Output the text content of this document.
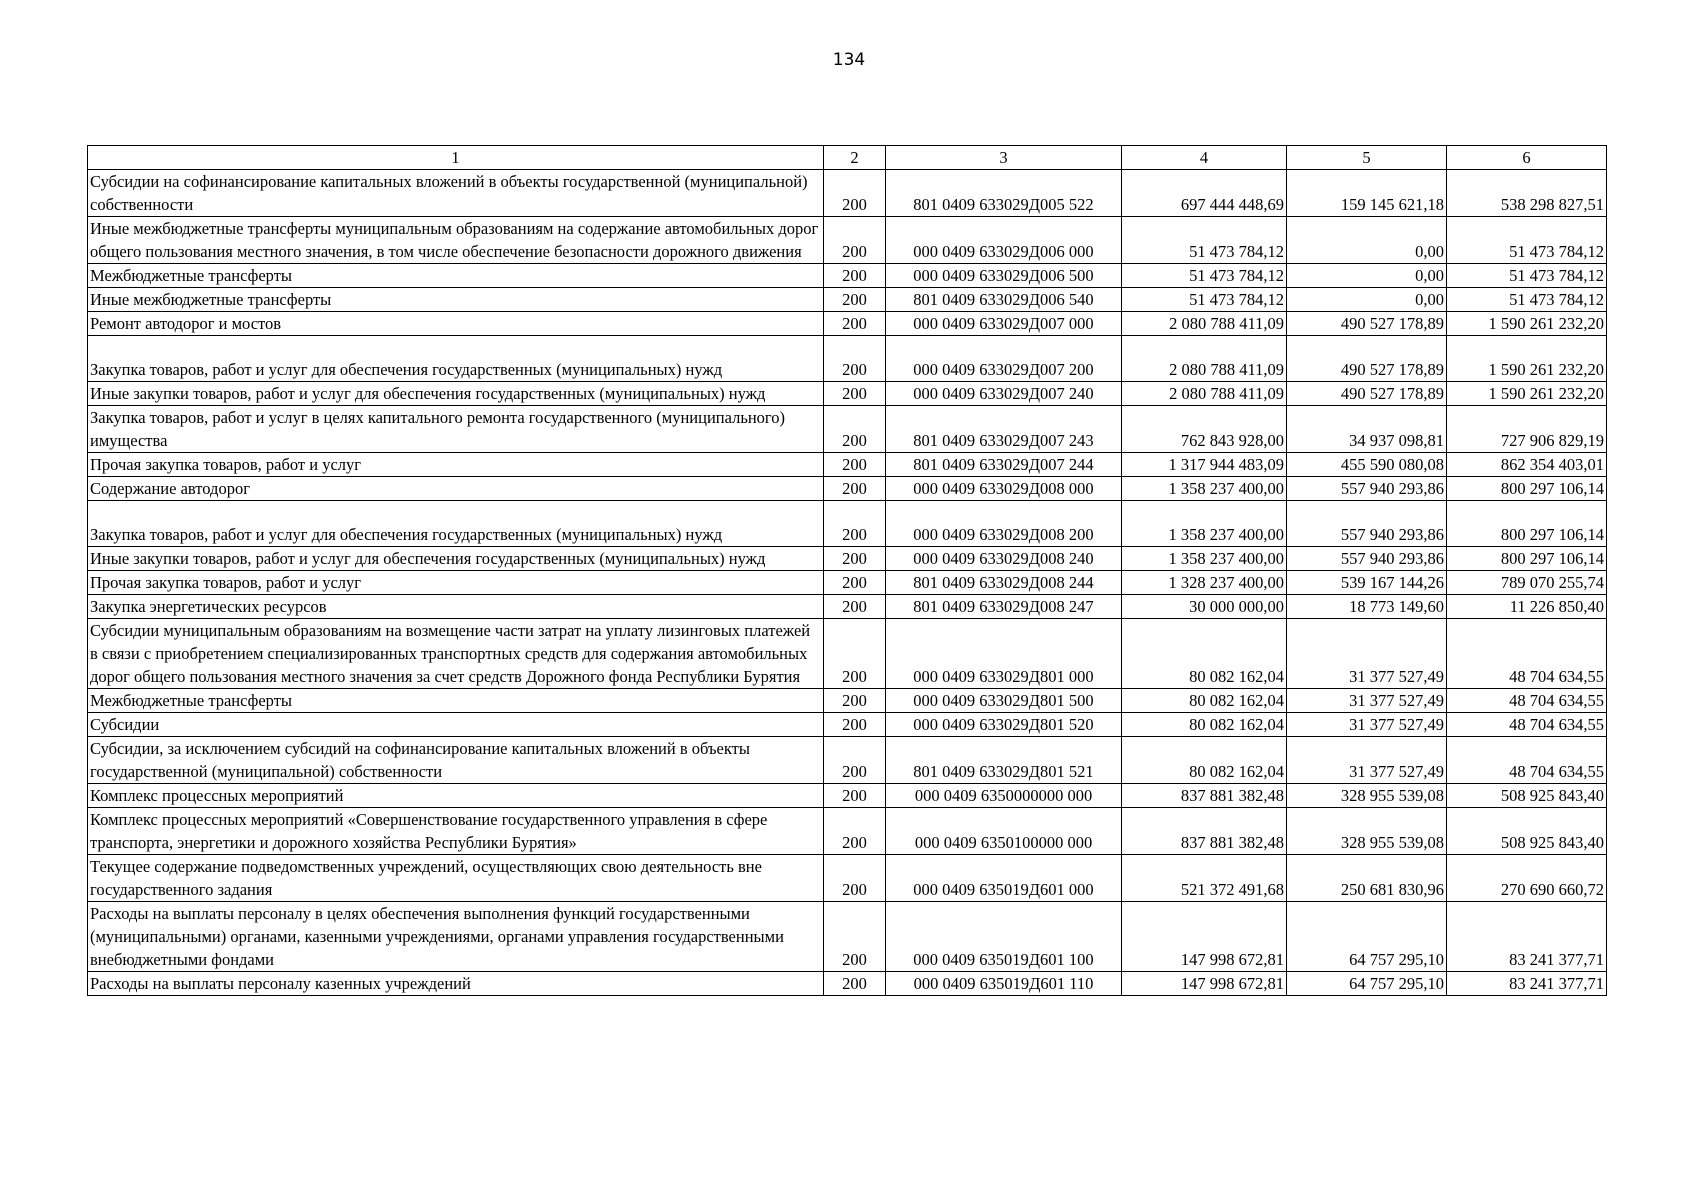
134
1	2	3	4	5	6
Субсидии на софинансирование капитальных вложений в объекты государственной (муниципальной) собственности	200	801 0409 633029Д005 522	697 444 448,69	159 145 621,18	538 298 827,51
Иные межбюджетные трансферты муниципальным образованиям на содержание автомобильных дорог общего пользования местного значения, в том числе обеспечение безопасности дорожного движения	200	000 0409 633029Д006 000	51 473 784,12	0,00	51 473 784,12
Межбюджетные трансферты	200	000 0409 633029Д006 500	51 473 784,12	0,00	51 473 784,12
Иные межбюджетные трансферты	200	801 0409 633029Д006 540	51 473 784,12	0,00	51 473 784,12
Ремонт автодорог и мостов	200	000 0409 633029Д007 000	2 080 788 411,09	490 527 178,89	1 590 261 232,20
Закупка товаров, работ и услуг для обеспечения государственных (муниципальных) нужд	200	000 0409 633029Д007 200	2 080 788 411,09	490 527 178,89	1 590 261 232,20
Иные закупки товаров, работ и услуг для обеспечения государственных (муниципальных) нужд	200	000 0409 633029Д007 240	2 080 788 411,09	490 527 178,89	1 590 261 232,20
Закупка товаров, работ и услуг в целях капитального ремонта государственного (муниципального) имущества	200	801 0409 633029Д007 243	762 843 928,00	34 937 098,81	727 906 829,19
Прочая закупка товаров, работ и услуг	200	801 0409 633029Д007 244	1 317 944 483,09	455 590 080,08	862 354 403,01
Содержание автодорог	200	000 0409 633029Д008 000	1 358 237 400,00	557 940 293,86	800 297 106,14
Закупка товаров, работ и услуг для обеспечения государственных (муниципальных) нужд	200	000 0409 633029Д008 200	1 358 237 400,00	557 940 293,86	800 297 106,14
Иные закупки товаров, работ и услуг для обеспечения государственных (муниципальных) нужд	200	000 0409 633029Д008 240	1 358 237 400,00	557 940 293,86	800 297 106,14
Прочая закупка товаров, работ и услуг	200	801 0409 633029Д008 244	1 328 237 400,00	539 167 144,26	789 070 255,74
Закупка энергетических ресурсов	200	801 0409 633029Д008 247	30 000 000,00	18 773 149,60	11 226 850,40
Субсидии муниципальным образованиям на возмещение части затрат на уплату лизинговых платежей в связи с приобретением специализированных транспортных средств для содержания автомобильных дорог общего пользования местного значения за счет средств Дорожного фонда Республики Бурятия	200	000 0409 633029Д801 000	80 082 162,04	31 377 527,49	48 704 634,55
Межбюджетные трансферты	200	000 0409 633029Д801 500	80 082 162,04	31 377 527,49	48 704 634,55
Субсидии	200	000 0409 633029Д801 520	80 082 162,04	31 377 527,49	48 704 634,55
Субсидии, за исключением субсидий на софинансирование капитальных вложений в объекты государственной (муниципальной) собственности	200	801 0409 633029Д801 521	80 082 162,04	31 377 527,49	48 704 634,55
Комплекс процессных мероприятий	200	000 0409 6350000000 000	837 881 382,48	328 955 539,08	508 925 843,40
Комплекс процессных мероприятий «Совершенствование государственного управления в сфере транспорта, энергетики и дорожного хозяйства Республики Бурятия»	200	000 0409 6350100000 000	837 881 382,48	328 955 539,08	508 925 843,40
Текущее содержание подведомственных учреждений, осуществляющих свою деятельность вне государственного задания	200	000 0409 635019Д601 000	521 372 491,68	250 681 830,96	270 690 660,72
Расходы на выплаты персоналу в целях обеспечения выполнения функций государственными (муниципальными) органами, казенными учреждениями, органами управления государственными внебюджетными фондами	200	000 0409 635019Д601 100	147 998 672,81	64 757 295,10	83 241 377,71
Расходы на выплаты персоналу казенных учреждений	200	000 0409 635019Д601 110	147 998 672,81	64 757 295,10	83 241 377,71
